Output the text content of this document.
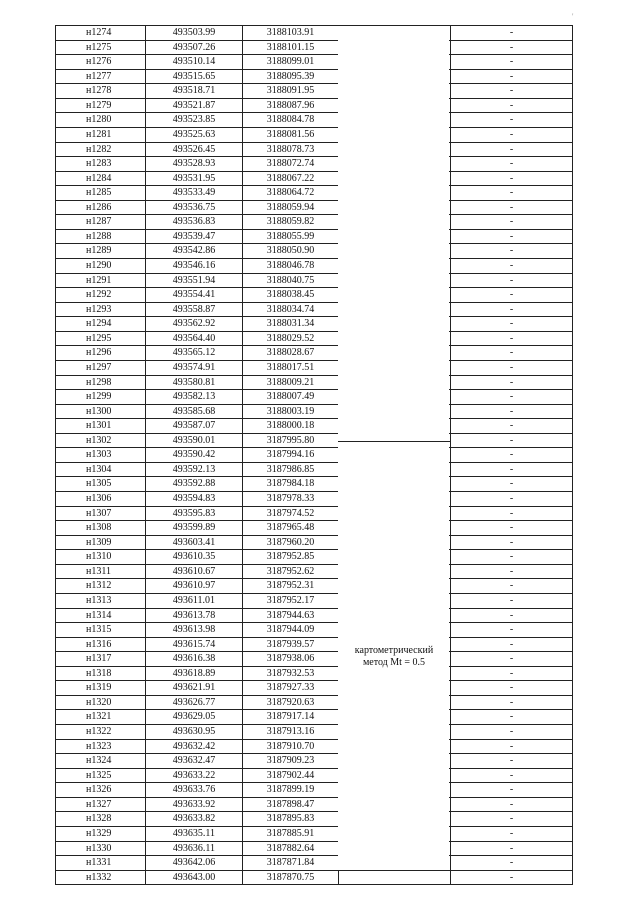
'
н1274	493503.99	3188103.91	-
н1275	493507.26	3188101.15	-
н1276	493510.14	3188099.01	-
н1277	493515.65	3188095.39	-
н1278	493518.71	3188091.95	-
н1279	493521.87	3188087.96	-
н1280	493523.85	3188084.78	-
н1281	493525.63	3188081.56	-
н1282	493526.45	3188078.73	-
н1283	493528.93	3188072.74	-
н1284	493531.95	3188067.22	-
н1285	493533.49	3188064.72	-
н1286	493536.75	3188059.94	-
н1287	493536.83	3188059.82	-
н1288	493539.47	3188055.99	-
н1289	493542.86	3188050.90	-
н1290	493546.16	3188046.78	-
н1291	493551.94	3188040.75	-
н1292	493554.41	3188038.45	-
н1293	493558.87	3188034.74	-
н1294	493562.92	3188031.34	-
н1295	493564.40	3188029.52	-
н1296	493565.12	3188028.67	-
н1297	493574.91	3188017.51	-
н1298	493580.81	3188009.21	-
н1299	493582.13	3188007.49	-
н1300	493585.68	3188003.19	-
н1301	493587.07	3188000.18	-
н1302	493590.01	3187995.80	-
н1303	493590.42	3187994.16	-
н1304	493592.13	3187986.85	-
н1305	493592.88	3187984.18	-
н1306	493594.83	3187978.33	-
н1307	493595.83	3187974.52	-
н1308	493599.89	3187965.48	-
н1309	493603.41	3187960.20	-
н1310	493610.35	3187952.85	-
н1311	493610.67	3187952.62	-
н1312	493610.97	3187952.31	-
н1313	493611.01	3187952.17	-
н1314	493613.78	3187944.63	-
н1315	493613.98	3187944.09	-
н1316	493615.74	3187939.57	-
н1317	493616.38	3187938.06	-
н1318	493618.89	3187932.53	-
н1319	493621.91	3187927.33	-
н1320	493626.77	3187920.63	-
н1321	493629.05	3187917.14	-
н1322	493630.95	3187913.16	-
н1323	493632.42	3187910.70	-
н1324	493632.47	3187909.23	-
н1325	493633.22	3187902.44	-
н1326	493633.76	3187899.19	-
н1327	493633.92	3187898.47	-
н1328	493633.82	3187895.83	-
н1329	493635.11	3187885.91	-
н1330	493636.11	3187882.64	-
н1331	493642.06	3187871.84	-
н1332	493643.00	3187870.75	-
картометрический
метод Mt = 0.5
